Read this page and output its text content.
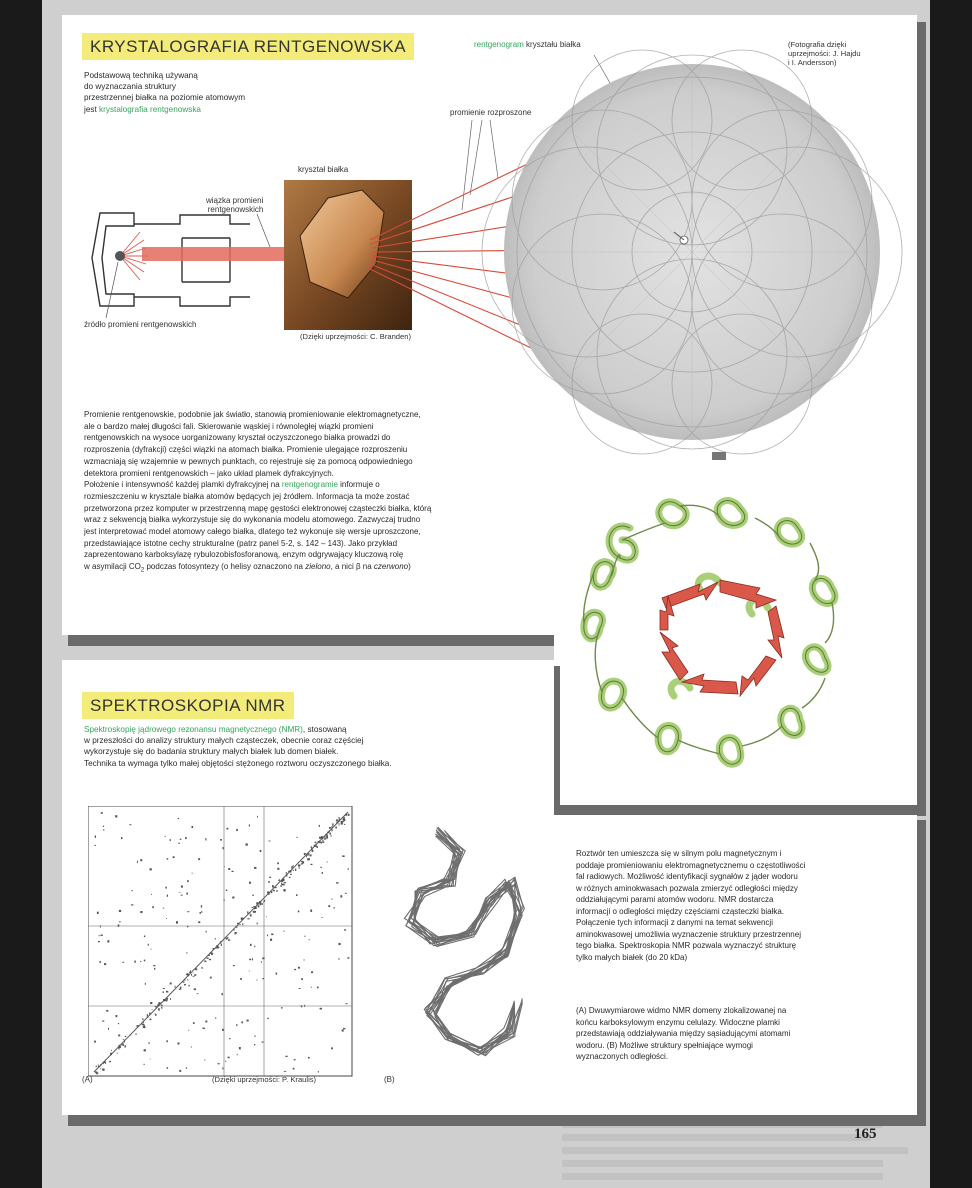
KRYSTALOGRAFIA RENTGENOWSKA

Podstawową techniką używaną

do wyznaczania struktury

przestrzennej białka na poziomie atomowym

jest krystalografia rentgenowska

rentgenogram kryształu białka	(Fotografia dzięki
uprzejmości: J. Hajdu
i I. Andersson)
promienie rozproszone
kryształ białka
wiązka promieni
rentgenowskich
źródło promieni rentgenowskich
(Dzięki uprzejmości: C. Branden)

Promienie rentgenowskie, podobnie jak światło, stanowią promieniowanie elektromagnetyczne,

ale o bardzo małej długości fali. Skierowanie wąskiej i równoległej wiązki promieni

rentgenowskich na wysoce uorganizowany kryształ oczyszczonego białka prowadzi do

rozproszenia (dyfrakcji) części wiązki na atomach białka. Promienie ulegające rozproszeniu

wzmacniają się wzajemnie w pewnych punktach, co rejestruje się za pomocą odpowiedniego

detektora promieni rentgenowskich – jako układ plamek dyfrakcyjnych.

Położenie i intensywność każdej plamki dyfrakcyjnej na rentgenogramie informuje o

rozmieszczeniu w krysztale białka atomów będących jej źródłem. Informacja ta może zostać

przetworzona przez komputer w przestrzenną mapę gęstości elektronowej cząsteczki białka, którą

wraz z sekwencją białka wykorzystuje się do wykonania modelu atomowego. Zazwyczaj trudno

jest interpretować model atomowy całego białka, dlatego też wykonuje się wersje uproszczone,

przedstawiające istotne cechy strukturalne (patrz panel 5-2, s. 142 – 143). Jako przykład

zaprezentowano karboksylazę rybulozobisfosforanową, enzym odgrywający kluczową rolę

w asymilacji $CO_2$ podczas fotosyntezy (o helisy oznaczono na zielono, a nici β na czerwono)

SPEKTROSKOPIA NMR

Spektroskopię jądrowego rezonansu magnetycznego (NMR), stosowaną

w przeszłości do analizy struktury małych cząsteczek, obecnie coraz częściej

wykorzystuje się do badania struktury małych białek lub domen białek.

Technika ta wymaga tylko małej objętości stężonego roztworu oczyszczonego białka.

(A)	(Dzięki uprzejmości: P. Kraulis)	(B)

Roztwór ten umieszcza się w silnym polu magnetycznym i

poddaje promieniowaniu elektromagnetycznemu o częstotliwości

fal radiowych. Możliwość identyfikacji sygnałów z jąder wodoru

w różnych aminokwasach pozwala zmierzyć odległości między

oddziałującymi parami atomów wodoru. NMR dostarcza

informacji o odległości między częściami cząsteczki białka.

Połączenie tych informacji z danymi na temat sekwencji

aminokwasowej umożliwia wyznaczenie struktury przestrzennej

tego białka. Spektroskopia NMR pozwala wyznaczyć strukturę

tylko małych białek (do 20 kDa)

(A) Dwuwymiarowe widmo NMR domeny zlokalizowanej na

końcu karboksylowym enzymu celulazy. Widoczne plamki

przedstawiają oddziaływania między sąsiadującymi atomami

wodoru. (B) Możliwe struktury spełniające wymogi

wyznaczonych odległości.

165
